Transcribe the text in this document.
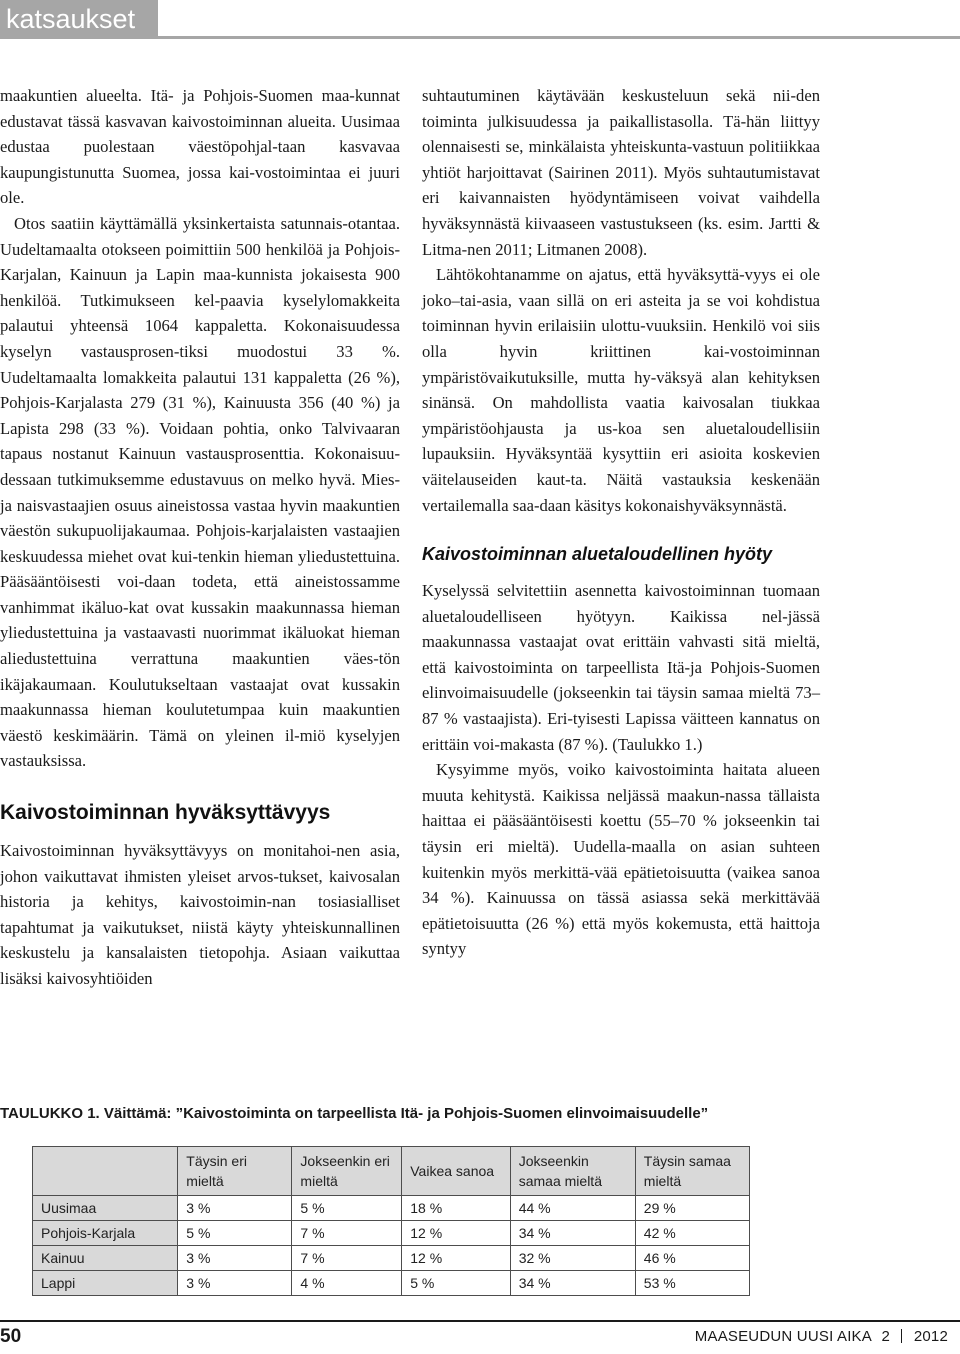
katsaukset

maakuntien alueelta. Itä- ja Pohjois-Suomen maa-kunnat edustavat tässä kasvavan kaivostoiminnan alueita. Uusimaa edustaa puolestaan väestöpohjal-taan kasvavaa kaupungistunutta Suomea, jossa kai-vostoimintaa ei juuri ole.

Otos saatiin käyttämällä yksinkertaista satunnais-otantaa. Uudeltamaalta otokseen poimittiin 500 henkilöä ja Pohjois-Karjalan, Kainuun ja Lapin maa-kunnista jokaisesta 900 henkilöä. Tutkimukseen kel-paavia kyselylomakkeita palautui yhteensä 1064 kappaletta. Kokonaisuudessa kyselyn vastausprosen-tiksi muodostui 33 %. Uudeltamaalta lomakkeita palautui 131 kappaletta (26 %), Pohjois-Karjalasta 279 (31 %), Kainuusta 356 (40 %) ja Lapista 298 (33 %). Voidaan pohtia, onko Talvivaaran tapaus nostanut Kainuun vastausprosenttia. Kokonaisuu-dessaan tutkimuksemme edustavuus on melko hyvä. Mies- ja naisvastaajien osuus aineistossa vastaa hyvin maakuntien väestön sukupuolijakaumaa. Pohjois-karjalaisten vastaajien keskuudessa miehet ovat kui-tenkin hieman yliedustettuina. Pääsääntöisesti voi-daan todeta, että aineistossamme vanhimmat ikäluo-kat ovat kussakin maakunnassa hieman yliedustettuina ja vastaavasti nuorimmat ikäluokat hieman aliedustettuina verrattuna maakuntien väes-tön ikäjakaumaan. Koulutukseltaan vastaajat ovat kussakin maakunnassa hieman koulutetumpaa kuin maakuntien väestö keskimäärin. Tämä on yleinen il-miö kyselyjen vastauksissa.

Kaivostoiminnan hyväksyttävyys

Kaivostoiminnan hyväksyttävyys on monitahoi-nen asia, johon vaikuttavat ihmisten yleiset arvos-tukset, kaivosalan historia ja kehitys, kaivostoimin-nan tosiasialliset tapahtumat ja vaikutukset, niistä käyty yhteiskunnallinen keskustelu ja kansalaisten tietopohja. Asiaan vaikuttaa lisäksi kaivosyhtiöiden

suhtautuminen käytävään keskusteluun sekä nii-den toiminta julkisuudessa ja paikallistasolla. Tä-hän liittyy olennaisesti se, minkälaista yhteiskunta-vastuun politiikkaa yhtiöt harjoittavat (Sairinen 2011). Myös suhtautumistavat eri kaivannaisten hyödyntämiseen voivat vaihdella hyväksynnästä kiivaaseen vastustukseen (ks. esim. Jartti & Litma-nen 2011; Litmanen 2008).

Lähtökohtanamme on ajatus, että hyväksyttä-vyys ei ole joko–tai-asia, vaan sillä on eri asteita ja se voi kohdistua toiminnan hyvin erilaisiin ulottu-vuuksiin. Henkilö voi siis olla hyvin kriittinen kai-vostoiminnan ympäristövaikutuksille, mutta hy-väksyä alan kehityksen sinänsä. On mahdollista vaatia kaivosalan tiukkaa ympäristöohjausta ja us-koa sen aluetaloudellisiin lupauksiin. Hyväksyntää kysyttiin eri asioita koskevien väitelauseiden kaut-ta. Näitä vastauksia keskenään vertailemalla saa-daan käsitys kokonaishyväksynnästä.

Kaivostoiminnan aluetaloudellinen hyöty

Kyselyssä selvitettiin asennetta kaivostoiminnan tuomaan aluetaloudelliseen hyötyyn. Kaikissa nel-jässä maakunnassa vastaajat ovat erittäin vahvasti sitä mieltä, että kaivostoiminta on tarpeellista Itä-ja Pohjois-Suomen elinvoimaisuudelle (jokseenkin tai täysin samaa mieltä 73–87 % vastaajista). Eri-tyisesti Lapissa väitteen kannatus on erittäin voi-makasta (87 %). (Taulukko 1.)

Kysyimme myös, voiko kaivostoiminta haitata alueen muuta kehitystä. Kaikissa neljässä maakun-nassa tällaista haittaa ei pääsääntöisesti koettu (55–70 % jokseenkin tai täysin eri mieltä). Uudella-maalla on asian suhteen kuitenkin myös merkittä-vää epätietoisuutta (vaikea sanoa 34 %). Kainuussa on tässä asiassa sekä merkittävää epätietoisuutta (26 %) että myös kokemusta, että haittoja syntyy

TAULUKKO 1. Väittämä: ”Kaivostoiminta on tarpeellista Itä- ja Pohjois-Suomen elinvoimaisuudelle”
	Täysin eri mieltä	Jokseenkin eri mieltä	Vaikea sanoa	Jokseenkin samaa mieltä	Täysin samaa mieltä
Uusimaa	3 %	5 %	18 %	44 %	29 %
Pohjois-Karjala	5 %	7 %	12 %	34 %	42 %
Kainuu	3 %	7 %	12 %	32 %	46 %
Lappi	3 %	4 %	5 %	34 %	53 %
50	MAASEUDUN UUSI AIKA 2 2012
